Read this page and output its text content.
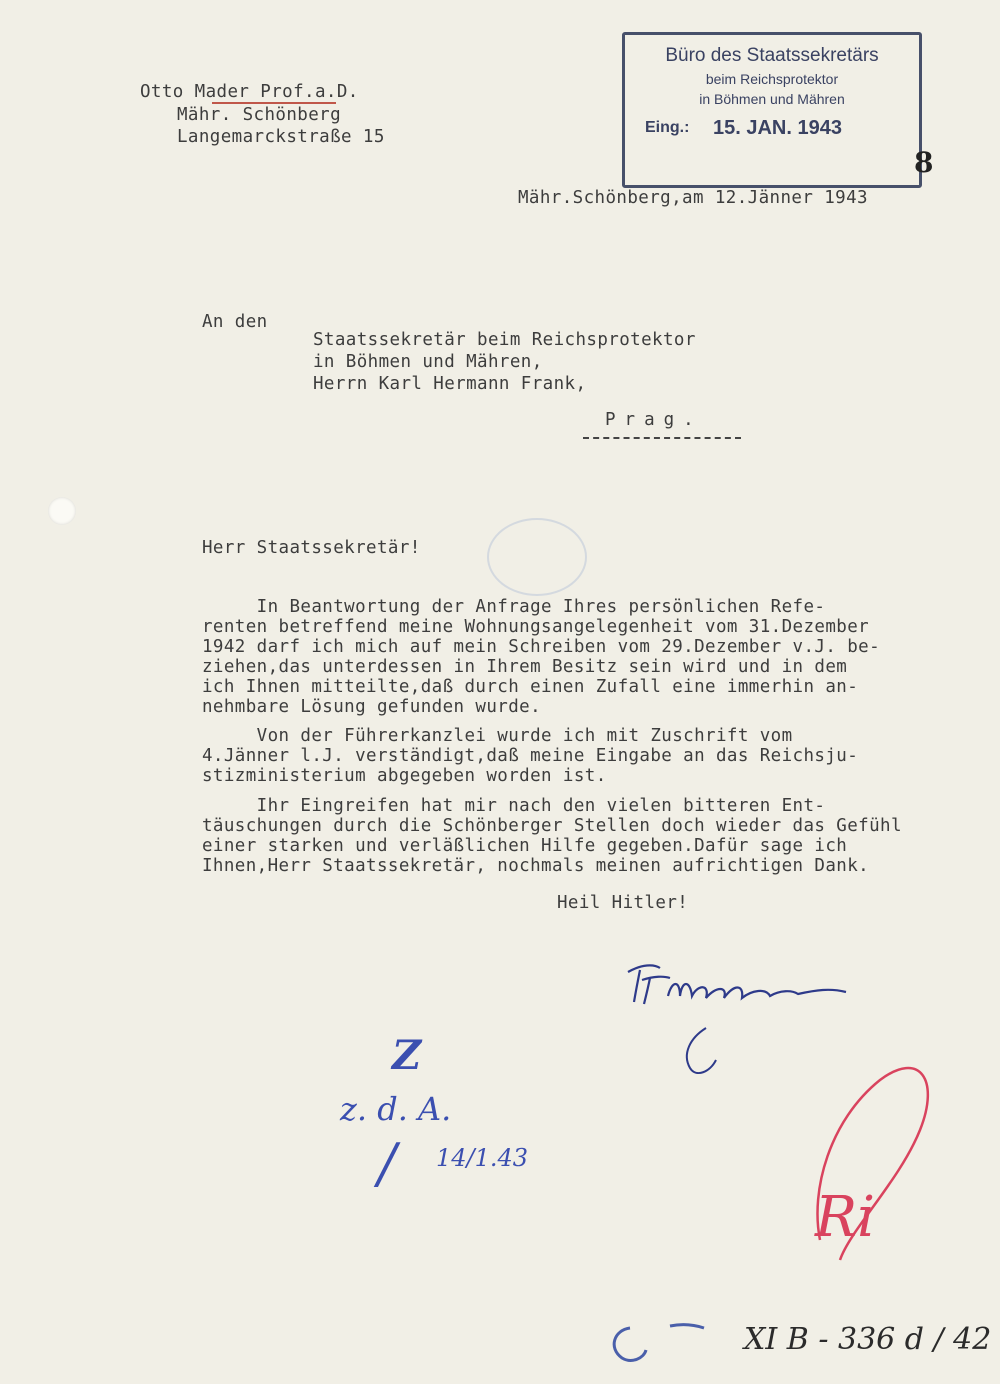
Otto Mader Prof.a.D.
Mähr. Schönberg
Langemarckstraße 15
Büro des Staatssekretärs
beim Reichsprotektor
in Böhmen und Mähren
Eing.: 15. JAN. 1943
8
Mähr.Schönberg,am 12.Jänner 1943
An den
Staatssekretär beim Reichsprotektor
in Böhmen und Mähren,
Herrn Karl Hermann Frank,
Prag.
Herr Staatssekretär!
In Beantwortung der Anfrage Ihres persönlichen Refe-
renten betreffend meine Wohnungsangelegenheit vom 31.Dezember
1942 darf ich mich auf mein Schreiben vom 29.Dezember v.J. be-
ziehen,das unterdessen in Ihrem Besitz sein wird und in dem
ich Ihnen mitteilte,daß durch einen Zufall eine immerhin an-
nehmbare Lösung gefunden wurde.
Von der Führerkanzlei wurde ich mit Zuschrift vom
4.Jänner l.J. verständigt,daß meine Eingabe an das Reichsju-
stizministerium abgegeben worden ist.
Ihr Eingreifen hat mir nach den vielen bitteren Ent-
täuschungen durch die Schönberger Stellen doch wieder das Gefühl
einer starken und verläßlichen Hilfe gegeben.Dafür sage ich
Ihnen,Herr Staatssekretär, nochmals meinen aufrichtigen Dank.
Heil Hitler!
Z
z. d. A.
/ 14/1.43
Ri
XI B - 336 d / 42
